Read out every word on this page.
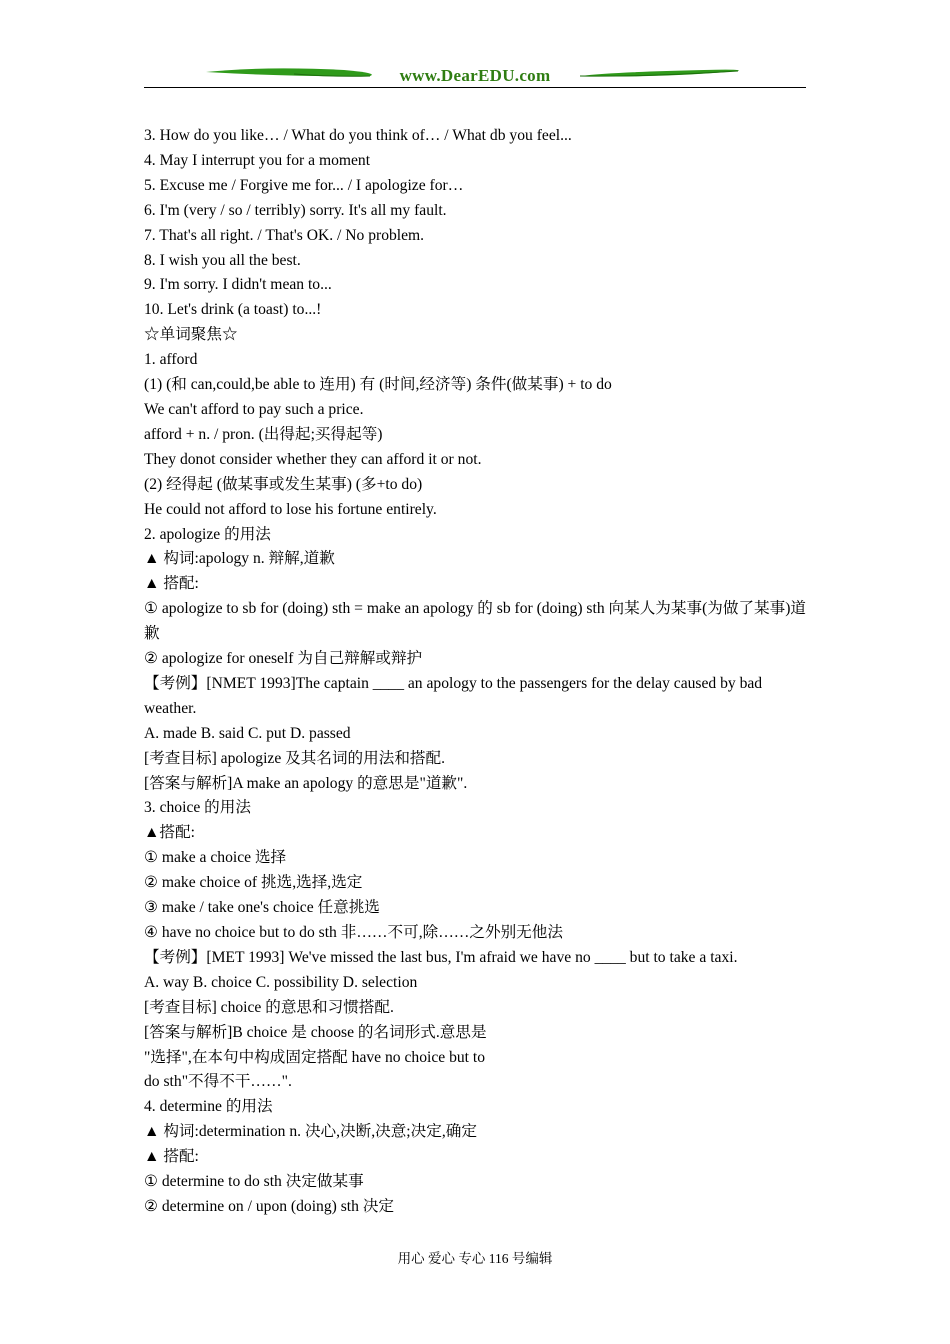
www.DearEDU.com
3. How do you like… / What do you think of… / What db you feel...
4. May I interrupt you for a moment
5. Excuse me / Forgive me for... / I apologize for…
6. I'm (very / so / terribly) sorry. It's all my fault.
7. That's all right. / That's OK. / No problem.
8. I wish you all the best.
9. I'm sorry. I didn't mean to...
10. Let's drink (a toast) to...!
☆单词聚焦☆
1. afford
(1) (和 can,could,be able to 连用) 有 (时间,经济等) 条件(做某事) + to do
We can't afford to pay such a price.
afford + n. / pron. (出得起;买得起等)
They donot consider whether they can afford it or not.
(2) 经得起 (做某事或发生某事) (多+to do)
He could not afford to lose his fortune entirely.
2. apologize 的用法
▲ 构词:apology n. 辩解,道歉
▲ 搭配:
① apologize to sb for (doing) sth = make an apology 的 sb for (doing) sth 向某人为某事(为做了某事)道歉
② apologize for oneself 为自己辩解或辩护
【考例】[NMET 1993]The captain ____ an apology to the passengers for the delay caused by bad weather.
A. made B. said C. put D. passed
[考查目标] apologize 及其名词的用法和搭配.
[答案与解析]A make an apology 的意思是"道歉".
3. choice 的用法
▲搭配:
① make a choice 选择
② make choice of 挑选,选择,选定
③ make / take one's choice 任意挑选
④ have no choice but to do sth 非……不可,除……之外别无他法
【考例】[MET 1993] We've missed the last bus, I'm afraid we have no ____ but to take a taxi.
A. way B. choice C. possibility D. selection
[考查目标] choice 的意思和习惯搭配.
[答案与解析]B choice 是 choose 的名词形式.意思是
"选择",在本句中构成固定搭配 have no choice but to
do sth"不得不干……".
4. determine 的用法
▲ 构词:determination n. 决心,决断,决意;决定,确定
▲ 搭配:
① determine to do sth 决定做某事
② determine on / upon (doing) sth 决定
用心 爱心 专心 116 号编辑
